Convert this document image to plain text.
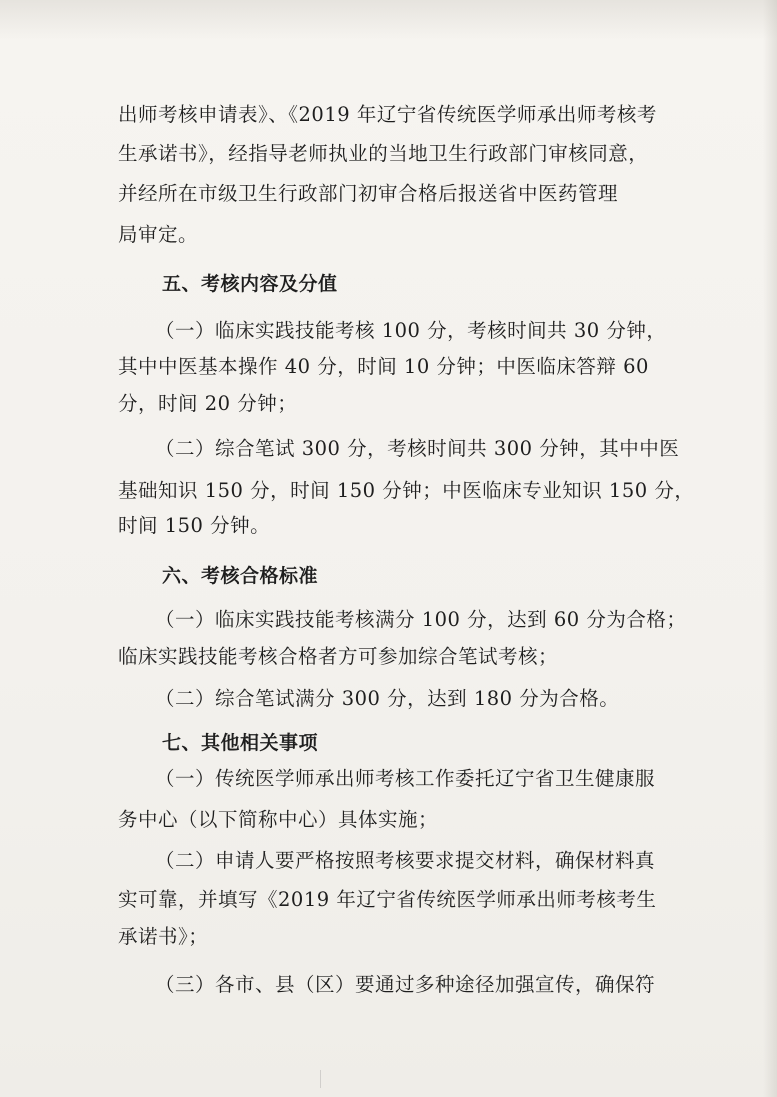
出师考核申请表》、《2019 年辽宁省传统医学师承出师考核考
生承诺书》，经指导老师执业的当地卫生行政部门审核同意，
并经所在市级卫生行政部门初审合格后报送省中医药管理
局审定。
五、考核内容及分值
（一）临床实践技能考核 100 分，考核时间共 30 分钟，
其中中医基本操作 40 分，时间 10 分钟；中医临床答辩 60
分，时间 20 分钟；
（二）综合笔试 300 分，考核时间共 300 分钟，其中中医
基础知识 150 分，时间 150 分钟；中医临床专业知识 150 分，
时间 150 分钟。
六、考核合格标准
（一）临床实践技能考核满分 100 分，达到 60 分为合格；
临床实践技能考核合格者方可参加综合笔试考核；
（二）综合笔试满分 300 分，达到 180 分为合格。
七、其他相关事项
（一）传统医学师承出师考核工作委托辽宁省卫生健康服
务中心（以下简称中心）具体实施；
（二）申请人要严格按照考核要求提交材料，确保材料真
实可靠，并填写《2019 年辽宁省传统医学师承出师考核考生
承诺书》；
（三）各市、县（区）要通过多种途径加强宣传，确保符
